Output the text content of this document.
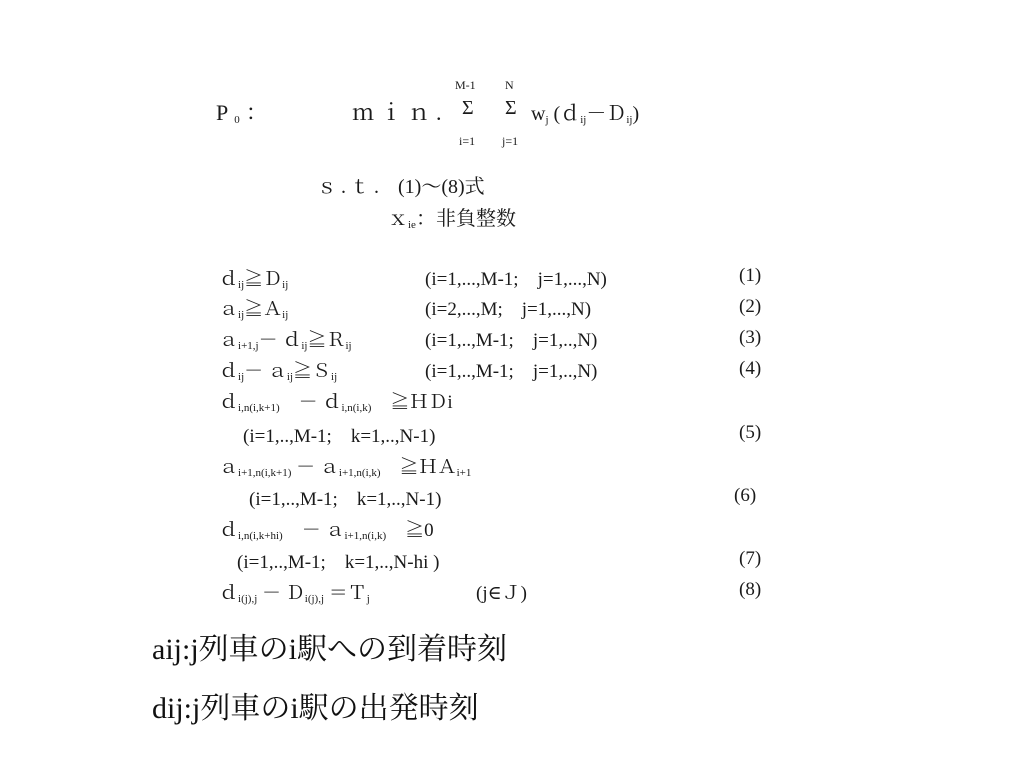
$P_0$：	ｍｉｎ.
M-1
Σ
i=1
N
Σ
j=1
$w_j$ (ｄ$_{ij}$－Ｄ$_{ij}$)
ｓ.ｔ. (1)～(8)式
ｘ$_{ie}$：非負整数
ｄ$_{ij}$≧Ｄ$_{ij}$	(i=1,...,M-1;　j=1,...,N)	(1)
ａ$_{ij}$≧Ａ$_{ij}$	(i=2,...,M;　j=1,...,N)	(2)
ａ$_{i+1,j}$－ ｄ$_{ij}$≧Ｒ$_{ij}$	(i=1,..,M-1;　j=1,..,N)	(3)
ｄ$_{ij}$－ ａ$_{ij}$≧Ｓ$_{ij}$	(i=1,..,M-1;　j=1,..,N)	(4)
ｄ$_{i,n(i,k+1)}$　－ ｄ$_{i,n(i,k)}$　≧ＨＤi
(i=1,..,M-1;　k=1,..,N-1)	(5)
ａ$_{i+1,n(i,k+1)}$ － ａ$_{i+1,n(i,k)}$　≧ＨＡ$_{i+1}$
(i=1,..,M-1;　k=1,..,N-1)	(6)
ｄ$_{i,n(i,k+hi)}$　－ ａ$_{i+1,n(i,k)}$　≧0
(i=1,..,M-1;　k=1,..,N-hi )	(7)
ｄ$_{i(j),j}$ － Ｄ$_{i(j),j}$ ＝Ｔ$_j$	(j∈Ｊ)	(8)
aij:j列車のi駅への到着時刻
dij:j列車のi駅の出発時刻
